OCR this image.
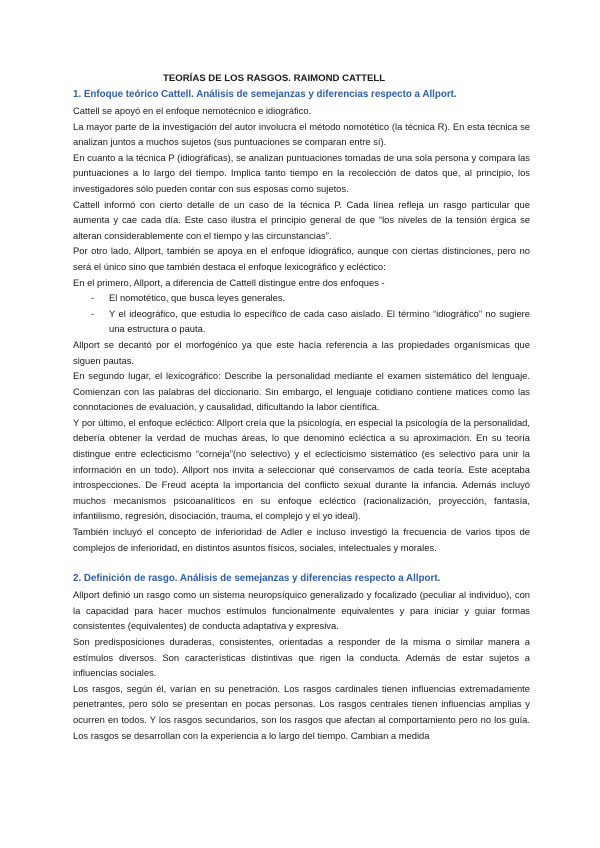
TEORÍAS DE LOS RASGOS. RAIMOND CATTELL
1. Enfoque teórico Cattell. Análisis de semejanzas y diferencias respecto a Allport.

Cattell se apoyó en el enfoque nemotécnico e idiográfico.

La mayor parte de la investigación del autor involucra el método nomotético (la técnica R). En esta técnica se analizan juntos a muchos sujetos (sus puntuaciones se comparan entre sí).

En cuanto a la técnica P (idiográficas), se analizan puntuaciones tomadas de una sola persona y compara las puntuaciones a lo largo del tiempo. Implica tanto tiempo en la recolección de datos que, al principio, los investigadores sólo pueden contar con sus esposas como sujetos.

Cattell informó con cierto detalle de un caso de la técnica P. Cada línea refleja un rasgo particular que aumenta y cae cada día. Este caso ilustra el principio general de que “los niveles de la tensión érgica se alteran considerablemente con el tiempo y las circunstancias”.

Por otro lado, Allport, también se apoya en el enfoque idiográfico, aunque con ciertas distinciones, pero no será el único sino que también destaca el enfoque lexicográfico y ecléctico:

En el primero, Allport, a diferencia de Cattell distingue entre dos enfoques -

- El nomotético, que busca leyes generales.
- Y el ideográfico, que estudia lo específico de cada caso aislado. El término “idiográfico” no sugiere una estructura o pauta.

Allport se decantó por el morfogénico ya que este hacía referencia a las propiedades organísmicas que siguen pautas.

En segundo lugar, el lexicográfico: Describe la personalidad mediante el examen sistemático del lenguaje. Comienzan con las palabras del diccionario. Sin embargo, el lenguaje cotidiano contiene matices como las connotaciones de evaluación, y causalidad, dificultando la labor científica.

Y por último, el enfoque ecléctico: Allport creía que la psicología, en especial la psicología de la personalidad, debería obtener la verdad de muchas áreas, lo que denominó ecléctica a su aproximación. En su teoría distingue entre eclecticismo “corneja”(no selectivo) y el eclecticismo sistemático (es selectivo para unir la información en un todo). Allport nos invita a seleccionar qué conservamos de cada teoría. Este aceptaba introspecciones. De Freud acepta la importancia del conflicto sexual durante la infancia. Además incluyó muchos mecanismos psicoanalíticos en su enfoque ecléctico (racionalización, proyección, fantasía, infantilismo, regresión, disociación, trauma, el complejo y el yo ideal).

También incluyó el concepto de inferioridad de Adler e incluso investigó la frecuencia de varios tipos de complejos de inferioridad, en distintos asuntos físicos, sociales, intelectuales y morales.

2. Definición de rasgo. Análisis de semejanzas y diferencias respecto a Allport.

Allport definió un rasgo como un sistema neuropsíquico generalizado y focalizado (peculiar al individuo), con la capacidad para hacer muchos estímulos funcionalmente equivalentes y para iniciar y guiar formas consistentes (equivalentes) de conducta adaptativa y expresiva.

Son predisposiciones duraderas, consistentes, orientadas a responder de la misma o similar manera a estímulos diversos. Son características distintivas que rigen la conducta. Además de estar sujetos a influencias sociales.

Los rasgos, según él, varían en su penetración. Los rasgos cardinales tienen influencias extremadamente penetrantes, pero sólo se presentan en pocas personas. Los rasgos centrales tienen influencias amplias y ocurren en todos. Y los rasgos secundarios, son los rasgos que afectan al comportamiento pero no los guía. Los rasgos se desarrollan con la experiencia a lo largo del tiempo. Cambian a medida
